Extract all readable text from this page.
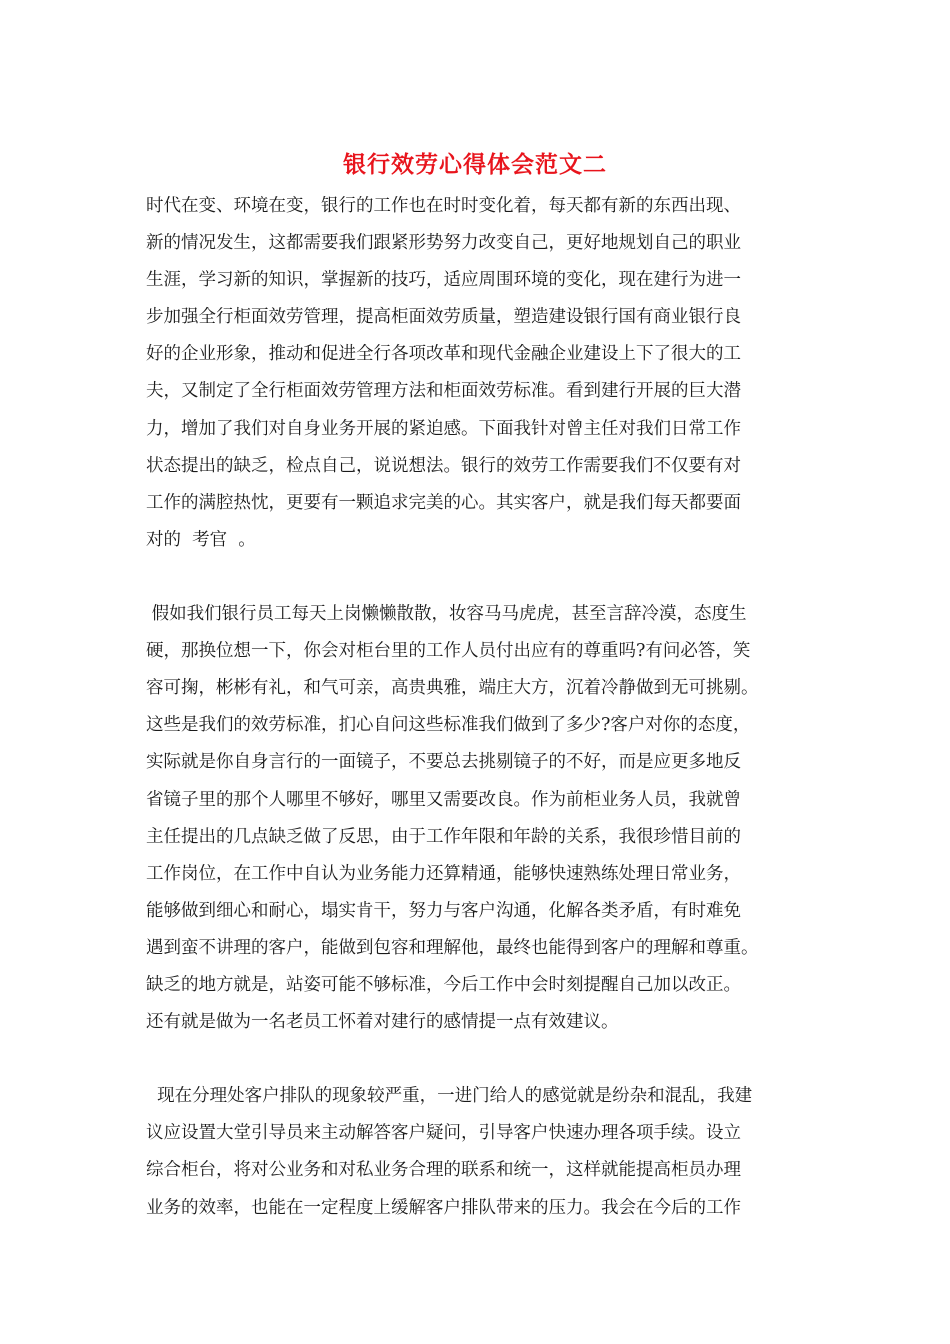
银行效劳心得体会范文二
时代在变、环境在变，银行的工作也在时时变化着，每天都有新的东西出现、
新的情况发生，这都需要我们跟紧形势努力改变自己，更好地规划自己的职业
生涯，学习新的知识，掌握新的技巧，适应周围环境的变化，现在建行为进一
步加强全行柜面效劳管理，提高柜面效劳质量，塑造建设银行国有商业银行良
好的企业形象，推动和促进全行各项改革和现代金融企业建设上下了很大的工
夫，又制定了全行柜面效劳管理方法和柜面效劳标准。看到建行开展的巨大潜
力，增加了我们对自身业务开展的紧迫感。下面我针对曾主任对我们日常工作
状态提出的缺乏，检点自己，说说想法。银行的效劳工作需要我们不仅要有对
工作的满腔热忱，更要有一颗追求完美的心。其实客户，就是我们每天都要面
对的  考官  。
假如我们银行员工每天上岗懒懒散散，妆容马马虎虎，甚至言辞冷漠，态度生
硬，那换位想一下，你会对柜台里的工作人员付出应有的尊重吗?有问必答，笑
容可掬，彬彬有礼，和气可亲，高贵典雅，端庄大方，沉着冷静做到无可挑剔。
这些是我们的效劳标准，扪心自问这些标准我们做到了多少?客户对你的态度，
实际就是你自身言行的一面镜子，不要总去挑剔镜子的不好，而是应更多地反
省镜子里的那个人哪里不够好，哪里又需要改良。作为前柜业务人员，我就曾
主任提出的几点缺乏做了反思，由于工作年限和年龄的关系，我很珍惜目前的
工作岗位，在工作中自认为业务能力还算精通，能够快速熟练处理日常业务，
能够做到细心和耐心，塌实肯干，努力与客户沟通，化解各类矛盾，有时难免
遇到蛮不讲理的客户，能做到包容和理解他，最终也能得到客户的理解和尊重。
缺乏的地方就是，站姿可能不够标准，今后工作中会时刻提醒自己加以改正。
还有就是做为一名老员工怀着对建行的感情提一点有效建议。
现在分理处客户排队的现象较严重，一进门给人的感觉就是纷杂和混乱，我建
议应设置大堂引导员来主动解答客户疑问，引导客户快速办理各项手续。设立
综合柜台，将对公业务和对私业务合理的联系和统一，这样就能提高柜员办理
业务的效率，也能在一定程度上缓解客户排队带来的压力。我会在今后的工作
